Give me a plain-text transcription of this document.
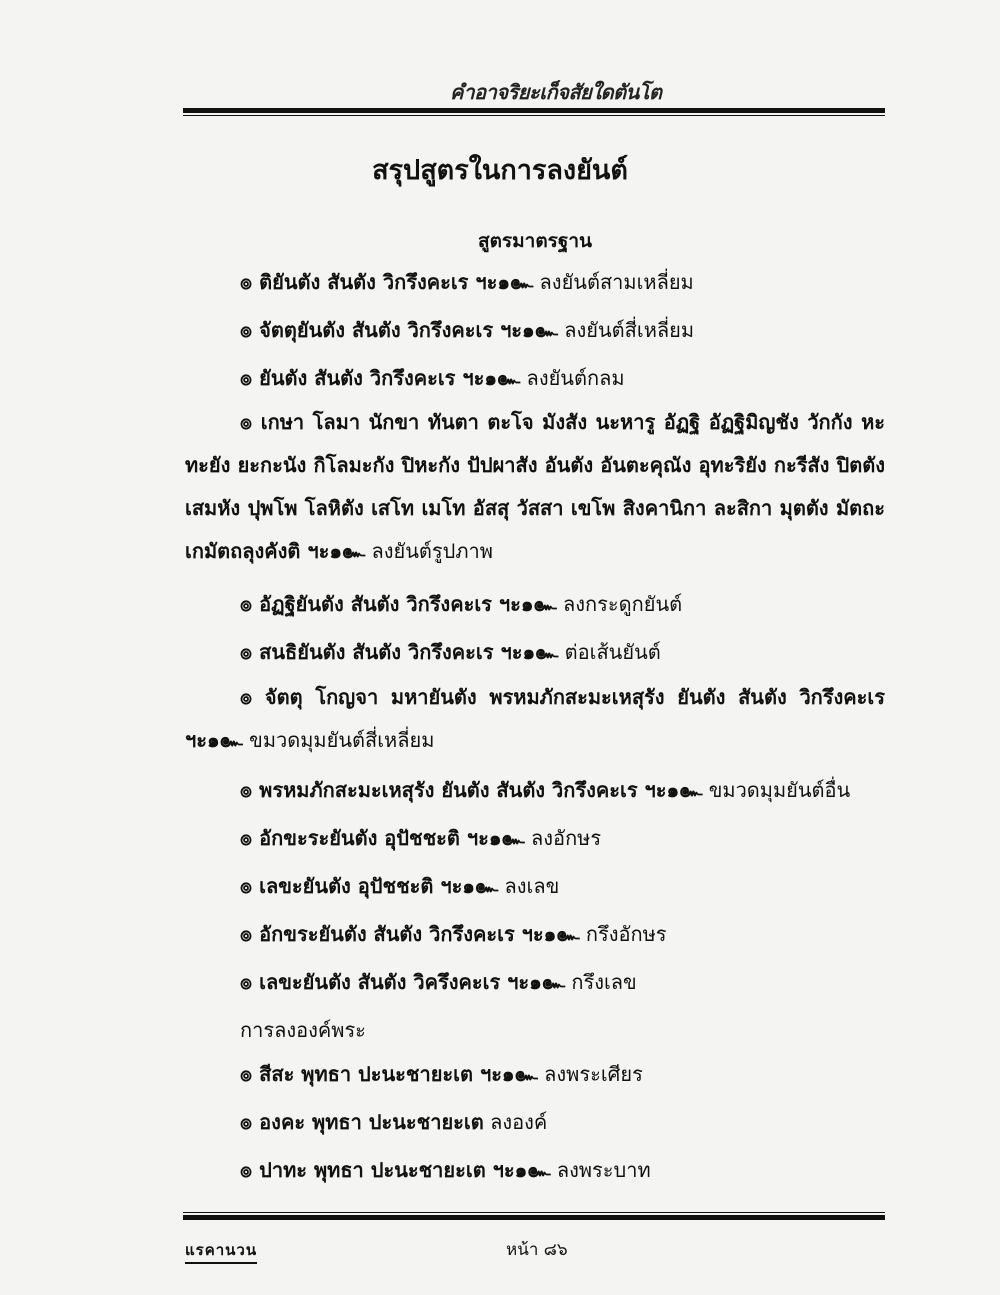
คำอาจริยะเก็จสัยใดตันโต
สรุปสูตรในการลงยันต์
สูตรมาตรฐาน
๏ ติยันตัง สันตัง วิกรึงคะเร ฯะ๑๛ ลงยันต์สามเหลี่ยม
๏ จัตตุยันตัง สันตัง วิกรึงคะเร ฯะ๑๛ ลงยันต์สี่เหลี่ยม
๏ ยันตัง สันตัง วิกรึงคะเร ฯะ๑๛ ลงยันต์กลม
๏ เกษา โลมา นักขา ทันตา ตะโจ มังสัง นะหารู อัฏฐิ อัฏฐิมิญชัง วักกัง หะทะยัง ยะกะนัง กิโลมะกัง ปิหะกัง ปัปผาสัง อันตัง อันตะคุณัง อุทะริยัง กะรีสัง ปิตตัง เสมหัง ปุพโพ โลหิตัง เสโท เมโท อัสสุ วัสสา เขโพ สิงคานิกา ละสิกา มุตตัง มัตถะเกมัตถลุงคังติ ฯะ๑๛ ลงยันต์รูปภาพ
๏ อัฏฐิยันตัง สันตัง วิกรึงคะเร ฯะ๑๛ ลงกระดูกยันต์
๏ สนธิยันตัง สันตัง วิกรึงคะเร ฯะ๑๛ ต่อเส้นยันต์
๏ จัตตุ โกญจา มหายันตัง พรหมภักสะมะเหสุรัง ยันตัง สันตัง วิกรึงคะเร ฯะ๑๛ ขมวดมุมยันต์สี่เหลี่ยม
๏ พรหมภักสะมะเหสุรัง ยันตัง สันตัง วิกรึงคะเร ฯะ๑๛ ขมวดมุมยันต์อื่น
๏ อักขะระยันตัง อุปัชชะติ ฯะ๑๛ ลงอักษร
๏ เลขะยันตัง อุปัชชะติ ฯะ๑๛ ลงเลข
๏ อักขระยันตัง สันตัง วิกรึงคะเร ฯะ๑๛ กรึงอักษร
๏ เลขะยันตัง สันตัง วิครึงคะเร ฯะ๑๛ กรึงเลข
การลงองค์พระ
๏ สีสะ พุทธา ปะนะชายะเต ฯะ๑๛ ลงพระเศียร
๏ องคะ พุทธา ปะนะชายะเต ลงองค์
๏ ปาทะ พุทธา ปะนะชายะเต ฯะ๑๛ ลงพระบาท
แรคานวน	หน้า ๘๖
